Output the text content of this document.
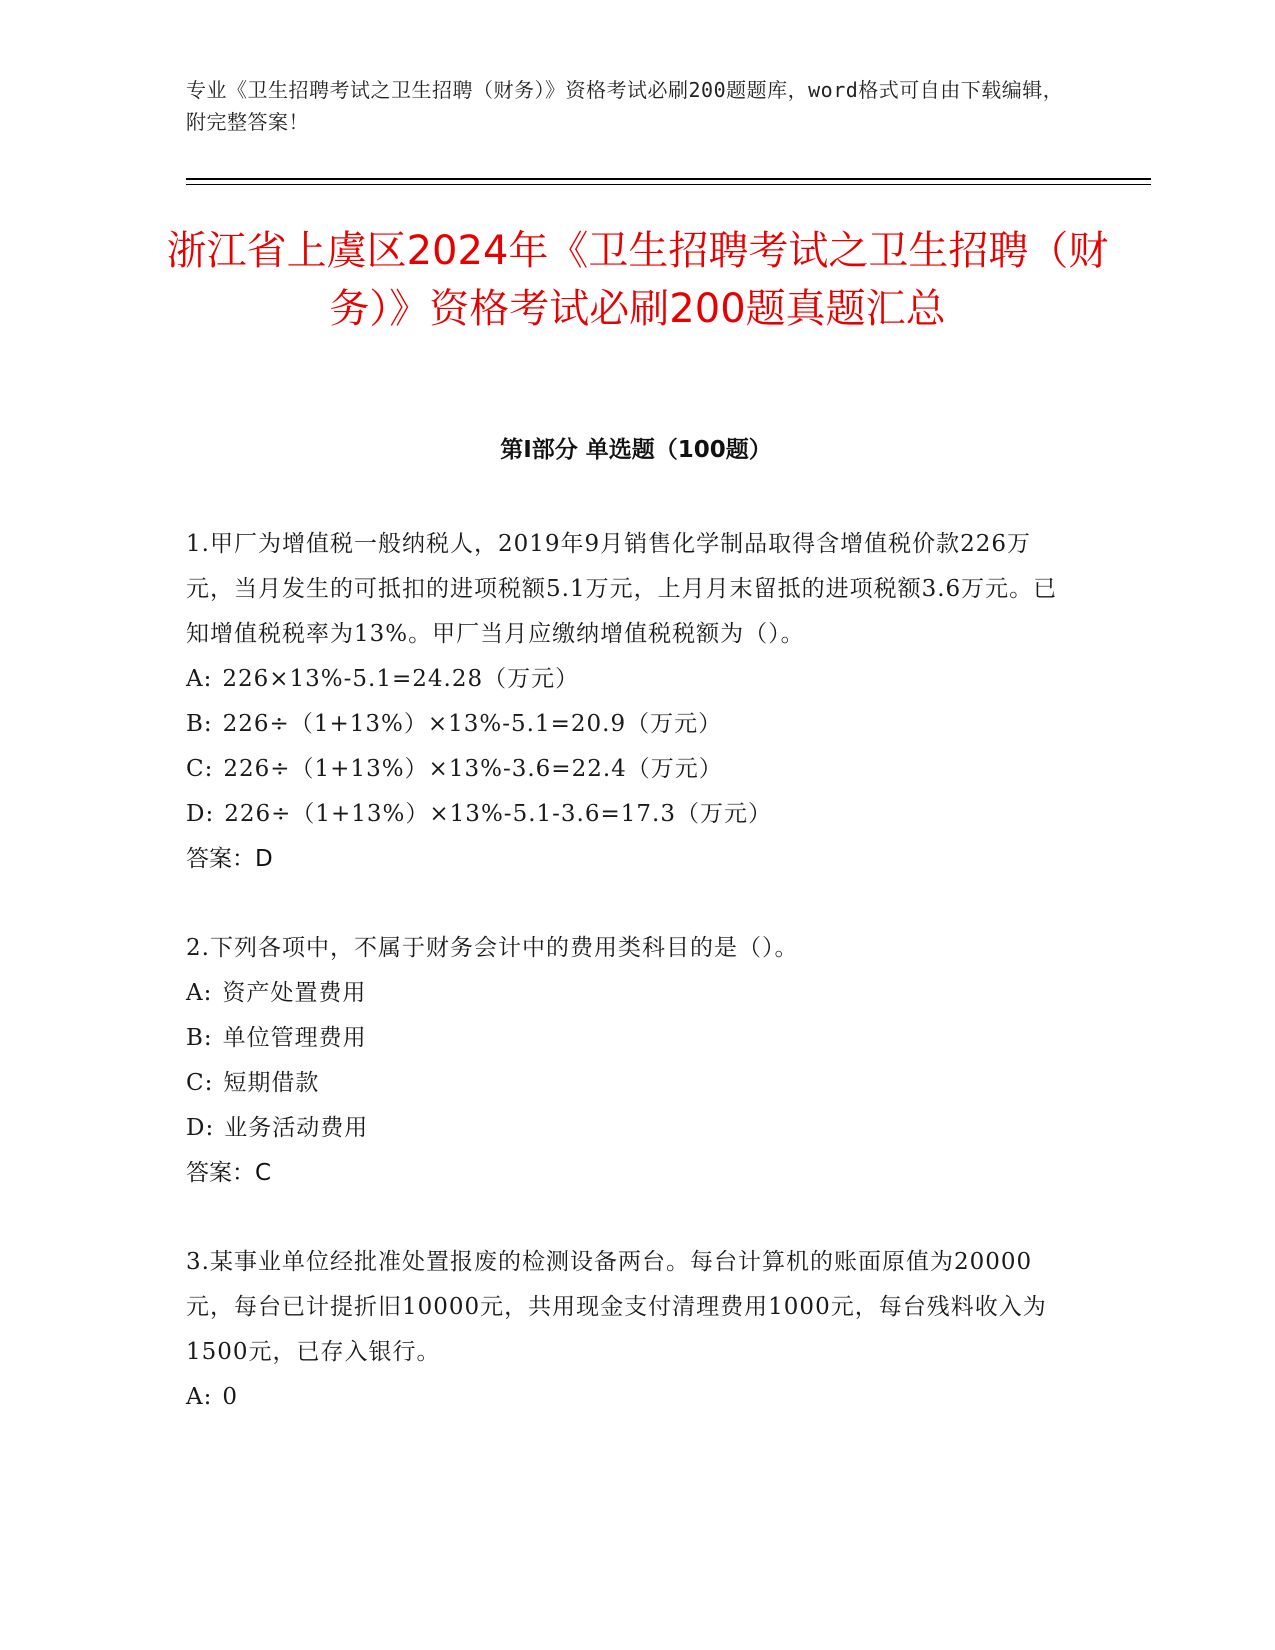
专业《卫生招聘考试之卫生招聘（财务）》资格考试必刷200题题库，word格式可自由下载编辑，附完整答案！
浙江省上虞区2024年《卫生招聘考试之卫生招聘（财务）》资格考试必刷200题真题汇总
第I部分 单选题（100题）

1.甲厂为增值税一般纳税人，2019年9月销售化学制品取得含增值税价款226万元，当月发生的可抵扣的进项税额5.1万元，上月月末留抵的进项税额3.6万元。已知增值税税率为13%。甲厂当月应缴纳增值税税额为（）。

A: 226×13%-5.1=24.28（万元）

B: 226÷（1+13%）×13%-5.1=20.9（万元）

C: 226÷（1+13%）×13%-3.6=22.4（万元）

D: 226÷（1+13%）×13%-5.1-3.6=17.3（万元）

答案：D

2.下列各项中，不属于财务会计中的费用类科目的是（）。

A: 资产处置费用

B: 单位管理费用

C: 短期借款

D: 业务活动费用

答案：C

3.某事业单位经批准处置报废的检测设备两台。每台计算机的账面原值为20000元，每台已计提折旧10000元，共用现金支付清理费用1000元，每台残料收入为1500元，已存入银行。

A: 0
